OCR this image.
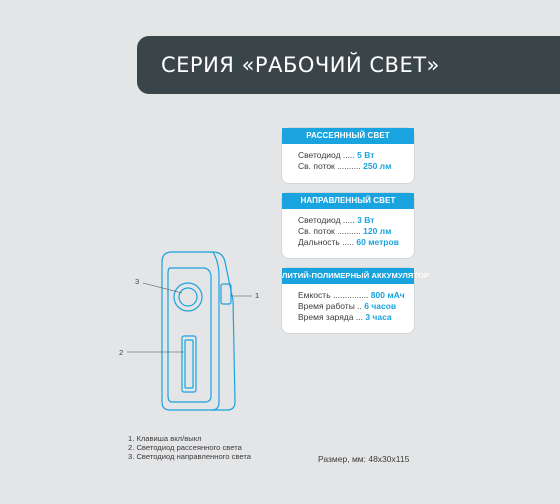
СЕРИЯ «РАБОЧИЙ СВЕТ»
РАССЕЯННЫЙ СВЕТ
Светодиод ..... 5 Вт
Св. поток .......... 250 лм
НАПРАВЛЕННЫЙ СВЕТ
Светодиод ..... 3 Вт
Св. поток .......... 120 лм
Дальность ..... 60 метров
ЛИТИЙ-ПОЛИМЕРНЫЙ АККУМУЛЯТОР
Емкость ............... 800 мАч
Время работы .. 6 часов
Время заряда ... 3 часа
1
2
3
1. Клавиша вкл/выкл
2. Светодиод рассеянного света
3. Светодиод направленного света	Размер, мм: 48х30х115
